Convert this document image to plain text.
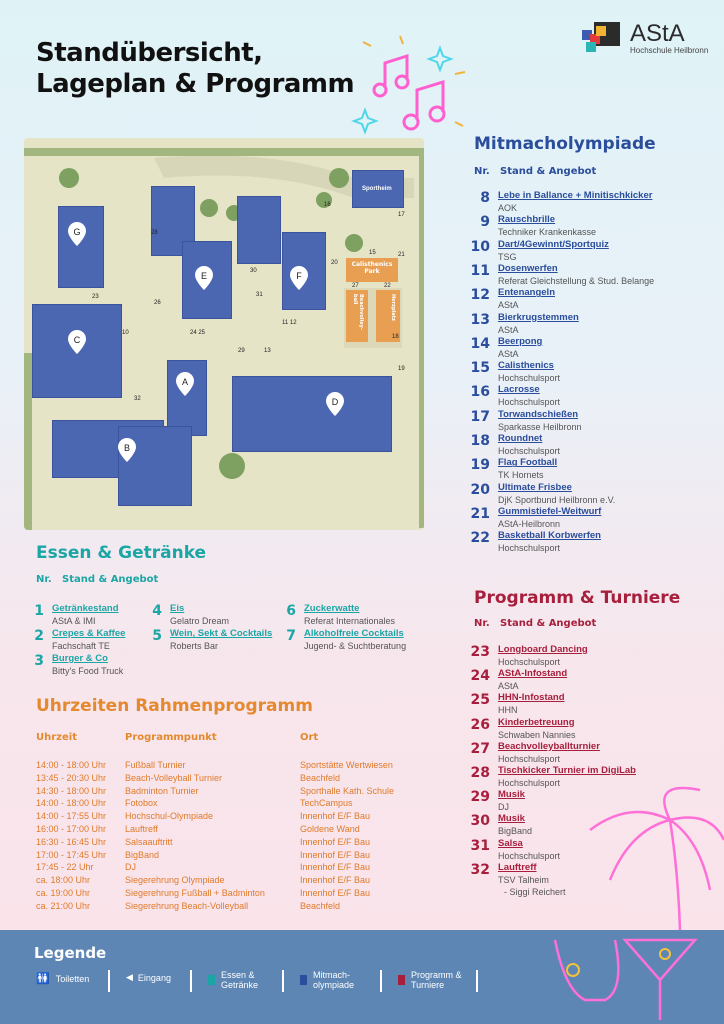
Standübersicht,
Lageplan & Programm
AStA
Hochschule Heilbronn
Sportheim
Calisthenics Park
Beachvolley-ball	Herzplatz
G
E	F
C
A
D
B
28
16
17
30
20
15	21
27	22
31
23
26
11 12
10	24 25
29	13
18
19
32
Mitmacholympiade
Nr. Stand & Angebot
8 Lebe in Ballance + Minitischkicker
AOK
9 Rauschbrille
Techniker Krankenkasse
10 Dart/4Gewinnt/Sportquiz
TSG
11 Dosenwerfen
Referat Gleichstellung & Stud. Belange
12 Entenangeln
AStA
13 Bierkrugstemmen
AStA
14 Beerpong
AStA
15 Calisthenics
Hochschulsport
16 Lacrosse
Hochschulsport
17 Torwandschießen
Sparkasse Heilbronn
18 Roundnet
Hochschulsport
19 Flag Football
TK Hornets
20 Ultimate Frisbee
DjK Sportbund Heilbronn e.V.
21 Gummistiefel-Weitwurf
AStA-Heilbronn
22 Basketball Korbwerfen
Hochschulsport
Essen & Getränke
Nr. Stand & Angebot
1 Getränkestand
AStA & IMI
2 Crepes & Kaffee
Fachschaft TE
3 Burger & Co
Bitty's Food Truck
4 Eis
Gelatro Dream
5 Wein, Sekt & Cocktails
Roberts Bar
6 Zuckerwatte
Referat Internationales
7 Alkoholfreie Cocktails
Jugend- & Suchtberatung
Uhrzeiten Rahmenprogramm
Uhrzeit	Programmpunkt	Ort
14:00 - 18:00 Uhr Fußball Turnier	Sportstätte Wertwiesen
13:45 - 20:30 Uhr Beach-Volleyball Turnier	Beachfeld
14:30 - 18:00 Uhr Badminton Turnier	Sporthalle Kath. Schule
14:00 - 18:00 Uhr Fotobox	TechCampus
14:00 - 17:55 Uhr Hochschul-Olympiade	Innenhof E/F Bau
16:00 - 17:00 Uhr Lauftreff	Goldene Wand
16:30 - 16:45 Uhr Salsaauftritt	Innenhof E/F Bau
17:00 - 17:45 Uhr BigBand	Innenhof E/F Bau
17:45 - 22 Uhr	DJ	Innenhof E/F Bau
ca. 18:00 Uhr	Siegerehrung Olympiade	Innenhof E/F Bau
ca. 19:00 Uhr	Siegerehrung Fußball + Badminton	Innenhof E/F Bau
ca. 21:00 Uhr	Siegerehrung Beach-Volleyball	Beachfeld
Programm & Turniere
Nr. Stand & Angebot
23 Longboard Dancing
Hochschulsport
24 AStA-Infostand
AStA
25 HHN-Infostand
HHN
26 Kinderbetreuung
Schwaben Nannies
27 Beachvolleyballturnier
Hochschulsport
28 Tischkicker Turnier im DigiLab
Hochschulsport
29 Musik
DJ
30 Musik
BigBand
31 Salsa
Hochschulsport
32 Lauftreff
TSV Talheim
- Siggi Reichert
Legende
🚻 Toiletten	◀ Eingang	Essen &
Getränke
Mitmach-
olympiade
Programm &
Turniere
